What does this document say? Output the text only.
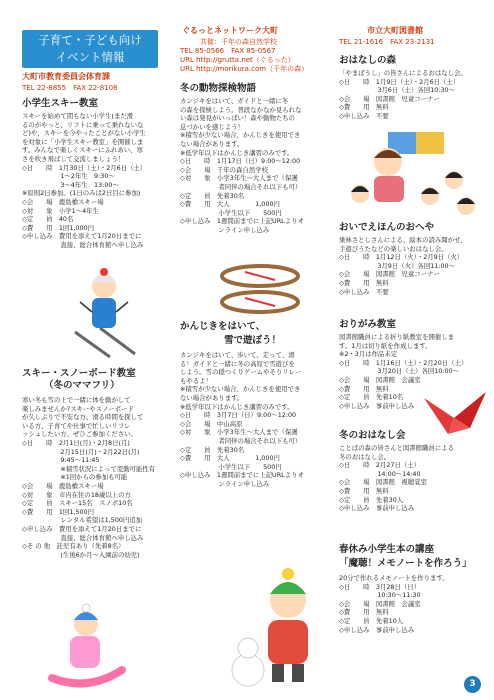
子育て・子ども向け
イベント情報
大町市教育委員会体育課
TEL 22-8855　FAX 22-8108
小学生スキー教室
スキーを始めて間もない小学生(まだ滑
るのがやっと、リフトに乗って乗れないな
ど)や、スキーを今やったことがない小学生
を対象に「小学生スキー教室」を開催しま
す。みんなで楽しくスキーにふれあい、寒
さを吹き飛ばして交流しましょう！
◇日　　時　1月30日（土）・2月6日（土）
　　　　　　1〜2年生　9:30〜
　　　　　　3〜4年生　13:00〜
※原則2日参加。(1日のみは2日目に参加)
◇会　　場　鹿島槍スキー場
◇対　　象　小学1〜4年生
◇定　　員　40名
◇費　　用　1回1,000円
◇申し込み　費用を添えて1月20日までに
　　　　　　直接、総合体育館へ申し込み
スキー・スノーボード教室
（冬のママフリ）
寒い冬も雪の上で一緒に体を動かして
楽しみませんか?スキーやスノーボード
が久しぶりで不安な方、滑る時間を探して
いる方、子育てや仕事で忙しいリフレ
ッシュしたい方、ぜひご参加ください。
◇日　　時　2月1日(月)・2月8日(月)
　　　　　　2月15日(月)・2月22日(月)
　　　　　　9:45〜11:45
　　　　　　※積雪状況によって変動可能性有
　　　　　　※1回からの参加も可能
◇会　　場　鹿島槍スキー場
◇対　　象　市内在住の18歳以上の方
◇定　　員　スキー15名　スノボ10名
◇費　　用　1回1,500円
　　　　　　レンタル希望は1,500円追加
◇申し込み　費用を添えて1月20日までに
　　　　　　直接、総合体育館へ申し込み
◇そ の 他　託児有あり（先着8名）
　　　　　　(生後6か月〜入園前の幼児)
ぐるっとネットワーク大町
共催：千年の森自然学校
TEL 85-0566　FAX 85-0567
URL http://grutta.net（ぐるった）
URL http://morikura.com（千年の森）
冬の動物探検物語
カンジキをはいて、ガイドと一緒に冬
の森を探検しよう。普段なかなか見られな
い森は発見がいっぱい！森や動物たちの
息づかいを感じよう！
※積雪が少ない場合、かんじきを使用でき
ない場合があります。
※低学年以下はかんじき講習のみです。
◇日　　時　1月17日（日）9:00〜12:00
◇会　　場　千年の森自然学校
◇対　　象　小学3年生〜大人まで（保護
　　　　　　者同伴の場合それ以下も可）
◇定　　員　先着30名
◇費　　用　大人　　　　1,000円
　　　　　　小学生以下　　500円
◇申し込み　1週間前までに上記URLよりオ
　　　　　　ンライン申し込み
かんじきをはいて、
雪で遊ぼう！
カンジキをはいて、歩いて、走って、滑
る！ガイドと一緒に冬の高原で雪遊びを
しよう。雪の穏つくりゲームやそりリレー
もやるよ！
※積雪が少ない場合、かんじきを使用でき
ない場合があります。
※低学年以下はかんじき講習のみです。
◇日　　時　3月7日（日）9:00〜12:00
◇会　　場　中山高原
◇対　　象　小学3年生〜大人まで（保護
　　　　　　者同伴の場合それ以下も可）
◇定　　員　先着30名
◇費　　用　大人　　　　1,000円
　　　　　　小学生以下　　500円
◇申し込み　1週間前までに上記URLよりオ
　　　　　　ンライン申し込み
市立大町図書館
TEL 21-1616　FAX 23-2131
おはなしの森
「やまばうし」の皆さんによるおはなし会。
◇日　　時　1月9日（土）・2月6日（土）
　　　　　　3月6日（土）各回10:30〜
◇会　　場　図書館　児童コーナー
◇費　　用　無料
◇申し込み　不要
おいでえほんのおへや
乗林さとしさんによる、絵本の読み聞かせ、
手遊びうたなどの楽しいおはなし会。
◇日　　時　1月12日（火）・2月9日（火）
　　　　　　3月9日（火）各回11:00〜
◇会　　場　図書館　児童コーナー
◇費　　用　無料
◇申し込み　不要
おりがみ教室
図書館職員による折り紙教室を開催しま
す。1月は切り紙を作成します。
※2・3月は作品未定
◇日　　時　1月16日（土）・2月20日（土）
　　　　　　3月20日（土）各回10:00〜
◇会　　場　図書館　会議室
◇費　　用　無料
◇定　　員　先着10名
◇申し込み　事前申し込み
冬のおはなし会
ことばの森の皆さんと図書館職員による
冬のおはなし会。
◇日　　時　2月27日（土）
　　　　　　14:00〜14:40
◇会　　場　図書館　視聴覚室
◇費　　用　無料
◇定　　員　先着30人
◇申し込み　事前申し込み
春休み小学生本の講座
「魔聴！メモノートを作ろう」
20分で作れるメモノートを作ります。
◇日　　時　3月28日（日）
　　　　　　10:30〜11:30
◇会　　場　図書館　会議室
◇費　　用　無料
◇定　　員　先着10人
◇申し込み　事前申し込み
3
